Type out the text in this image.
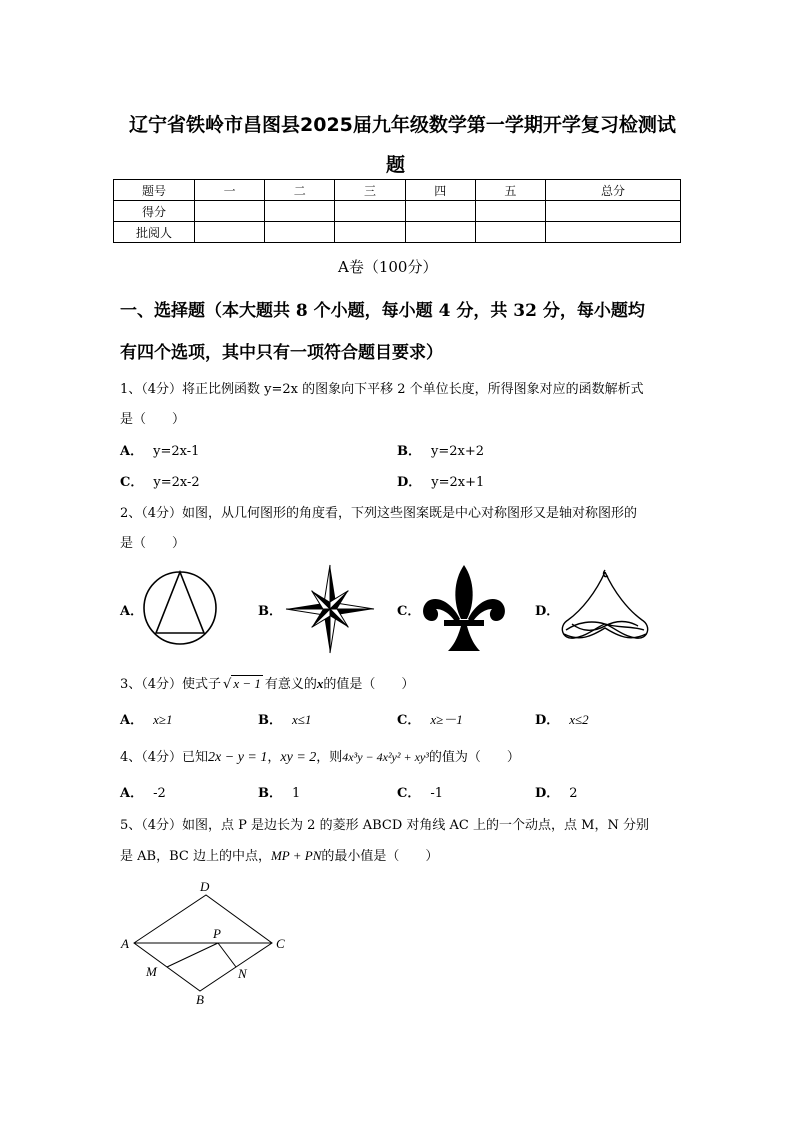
辽宁省铁岭市昌图县2025届九年级数学第一学期开学复习检测试
题
题号	一	二	三	四	五	总分
得分						
批阅人						
A卷（100分）
一、选择题（本大题共 8 个小题，每小题 4 分，共 32 分，每小题均
有四个选项，其中只有一项符合题目要求）
1、（4分）将正比例函数 y=2x 的图象向下平移 2 个单位长度，所得图象对应的函数解析式
是（　　）
A． y=2x-1	B． y=2x+2
C． y=2x-2	D． y=2x+1
2、（4分）如图，从几何图形的角度看，下列这些图案既是中心对称图形又是轴对称图形的
是（　　）
A．	B．	C．	D．
3、（4分）使式子 √ x − 1 有意义的x的值是（　　）
A． x≥1	B． x≤1	C． x≥－1	D． x≤2
4、（4分）已知2x − y = 1，xy = 2，则4x³y − 4x²y² + xy³的值为（　　）
A． -2	B． 1	C． -1	D． 2
5、（4分）如图，点 P 是边长为 2 的菱形 ABCD 对角线 AC 上的一个动点，点 M，N 分别
是 AB，BC 边上的中点，MP + PN的最小值是（　　）
D
A
P
C
M	N
B
